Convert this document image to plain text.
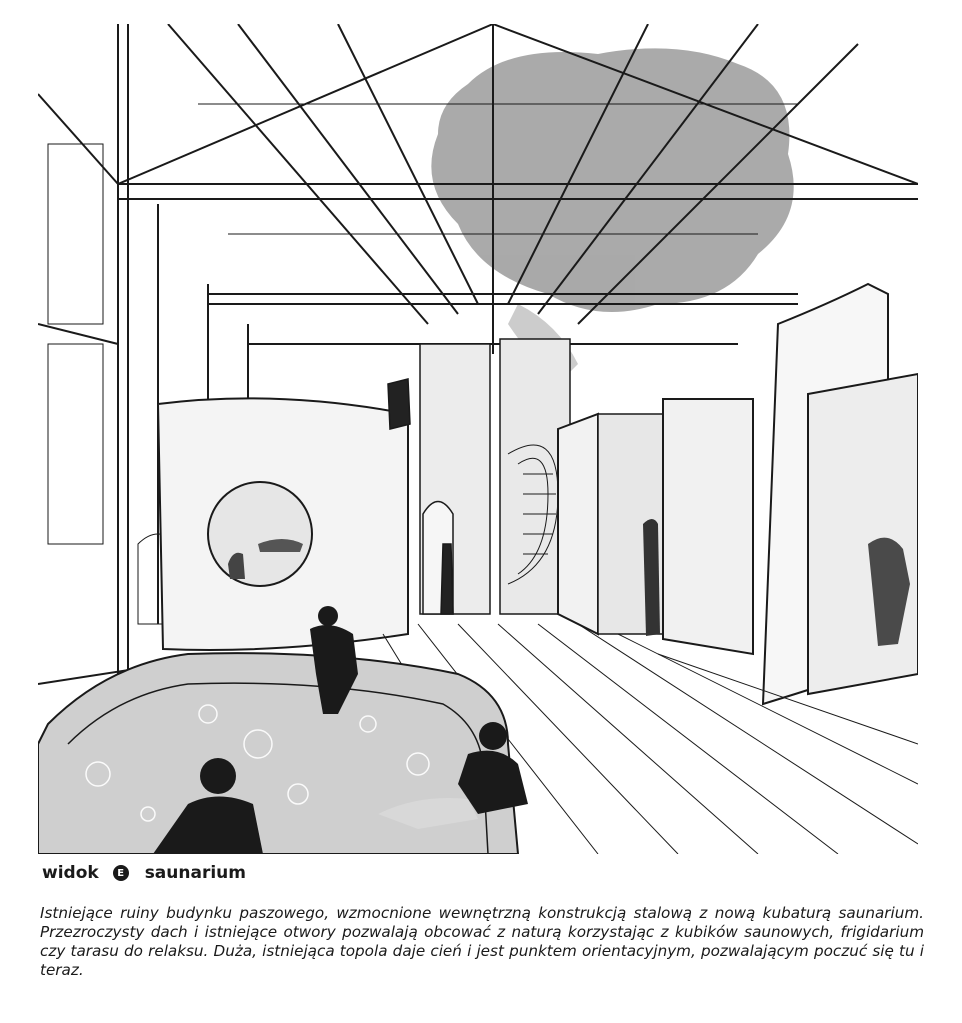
widok	E saunarium

Istniejące ruiny budynku paszowego, wzmocnione wewnętrzną konstrukcją stalową z nową kubaturą saunarium. Przezroczysty dach i istniejące otwory pozwalają obcować z naturą korzystając z kubików saunowych, frigidarium czy tarasu do relaksu. Duża, istniejąca topola daje cień i jest punktem orientacyjnym, pozwalającym poczuć się tu i teraz.
